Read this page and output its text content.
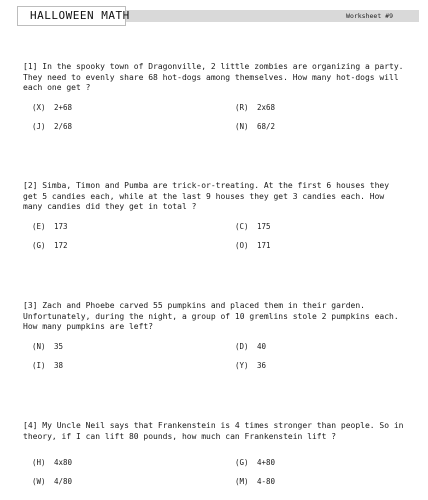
Worksheet #9
HALLOWEEN MATH

[1] In the spooky town of Dragonville, 2 little zombies are organizing a party. They need to evenly share 68 hot-dogs among themselves. How many hot-dogs will each one get ?

(X) 2+68	(R) 2x68
(J) 2/68	(N) 68/2

[2] Simba, Timon and Pumba are trick-or-treating. At the first 6 houses they get 5 candies each, while at the last 9 houses they get 3 candies each. How many candies did they get in total ?

(E) 173	(C) 175
(G) 172	(O) 171

[3] Zach and Phoebe carved 55 pumpkins and placed them in their garden. Unfortunately, during the night, a group of 10 gremlins stole 2 pumpkins each. How many pumpkins are left?

(N) 35	(D) 40
(I) 38	(Y) 36

[4] My Uncle Neil says that Frankenstein is 4 times stronger than people. So in theory, if I can lift 80 pounds, how much can Frankenstein lift ?

(H) 4x80	(G) 4+80
(W) 4/80	(M) 4-80
